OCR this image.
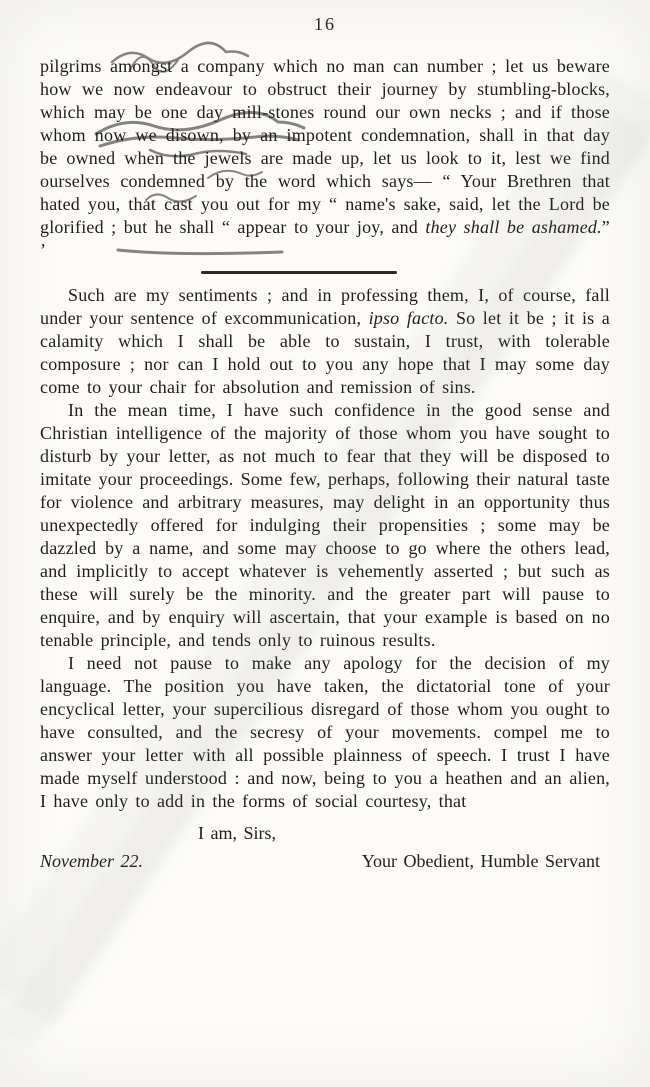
16

pilgrims amongst a company which no man can number ; let us beware how we now endeavour to obstruct their journey by stumbling-blocks, which may be one day mill-stones round our own necks ; and if those whom now we disown, by an impotent condemnation, shall in that day be owned when the jewels are made up, let us look to it, lest we find ourselves condemned by the word which says— “ Your Brethren that hated you, that cast you out for my “ name's sake, said, let the Lord be glorified ; but he shall “ appear to your joy, and they shall be ashamed.” ’

Such are my sentiments ; and in professing them, I, of course, fall under your sentence of excommunication, ipso facto. So let it be ; it is a calamity which I shall be able to sustain, I trust, with tolerable composure ; nor can I hold out to you any hope that I may some day come to your chair for absolution and remission of sins.

In the mean time, I have such confidence in the good sense and Christian intelligence of the majority of those whom you have sought to disturb by your letter, as not much to fear that they will be disposed to imitate your proceedings. Some few, perhaps, following their natural taste for violence and arbitrary measures, may delight in an opportunity thus unexpectedly offered for indulging their propensities ; some may be dazzled by a name, and some may choose to go where the others lead, and implicitly to accept whatever is vehemently asserted ; but such as these will surely be the minority. and the greater part will pause to enquire, and by enquiry will ascertain, that your example is based on no tenable principle, and tends only to ruinous results.

I need not pause to make any apology for the decision of my language. The position you have taken, the dictatorial tone of your encyclical letter, your supercilious disregard of those whom you ought to have consulted, and the secresy of your movements. compel me to answer your letter with all possible plainness of speech. I trust I have made myself understood : and now, being to you a heathen and an alien, I have only to add in the forms of social courtesy, that

I am, Sirs,
November 22.	Your Obedient, Humble Servant
